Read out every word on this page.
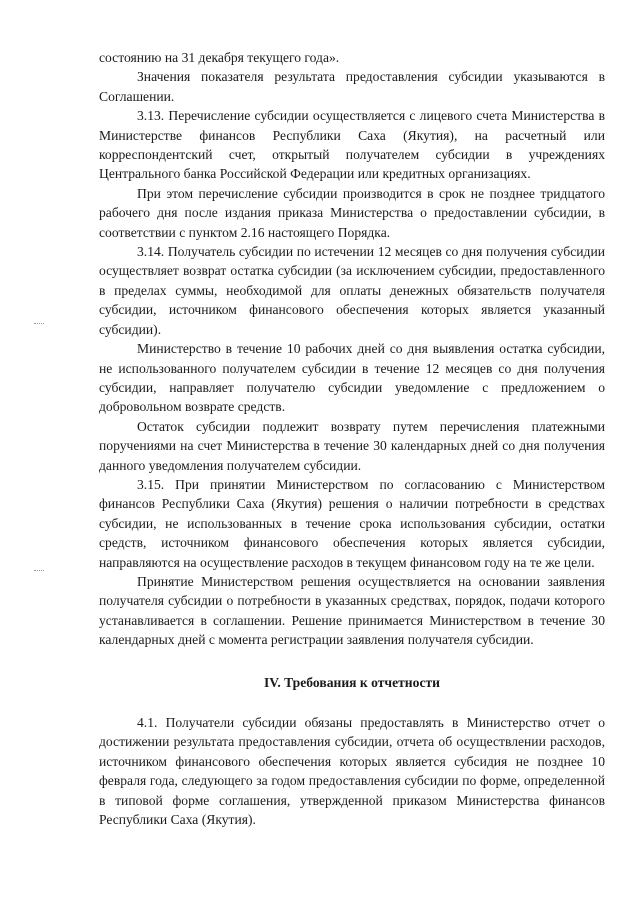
состоянию на 31 декабря текущего года».

Значения показателя результата предоставления субсидии указываются в Соглашении.

3.13. Перечисление субсидии осуществляется с лицевого счета Министерства в Министерстве финансов Республики Саха (Якутия), на расчетный или корреспондентский счет, открытый получателем субсидии в учреждениях Центрального банка Российской Федерации или кредитных организациях.

При этом перечисление субсидии производится в срок не позднее тридцатого рабочего дня после издания приказа Министерства о предоставлении субсидии, в соответствии с пунктом 2.16 настоящего Порядка.

3.14. Получатель субсидии по истечении 12 месяцев со дня получения субсидии осуществляет возврат остатка субсидии (за исключением субсидии, предоставленного в пределах суммы, необходимой для оплаты денежных обязательств получателя субсидии, источником финансового обеспечения которых является указанный субсидии).

Министерство в течение 10 рабочих дней со дня выявления остатка субсидии, не использованного получателем субсидии в течение 12 месяцев со дня получения субсидии, направляет получателю субсидии уведомление с предложением о добровольном возврате средств.

Остаток субсидии подлежит возврату путем перечисления платежными поручениями на счет Министерства в течение 30 календарных дней со дня получения данного уведомления получателем субсидии.

3.15. При принятии Министерством по согласованию с Министерством финансов Республики Саха (Якутия) решения о наличии потребности в средствах субсидии, не использованных в течение срока использования субсидии, остатки средств, источником финансового обеспечения которых является субсидии, направляются на осуществление расходов в текущем финансовом году на те же цели.

Принятие Министерством решения осуществляется на основании заявления получателя субсидии о потребности в указанных средствах, порядок, подачи которого устанавливается в соглашении. Решение принимается Министерством в течение 30 календарных дней с момента регистрации заявления получателя субсидии.

IV. Требования к отчетности

4.1. Получатели субсидии обязаны предоставлять в Министерство отчет о достижении результата предоставления субсидии, отчета об осуществлении расходов, источником финансового обеспечения которых является субсидия не позднее 10 февраля года, следующего за годом предоставления субсидии по форме, определенной в типовой форме соглашения, утвержденной приказом Министерства финансов Республики Саха (Якутия).
